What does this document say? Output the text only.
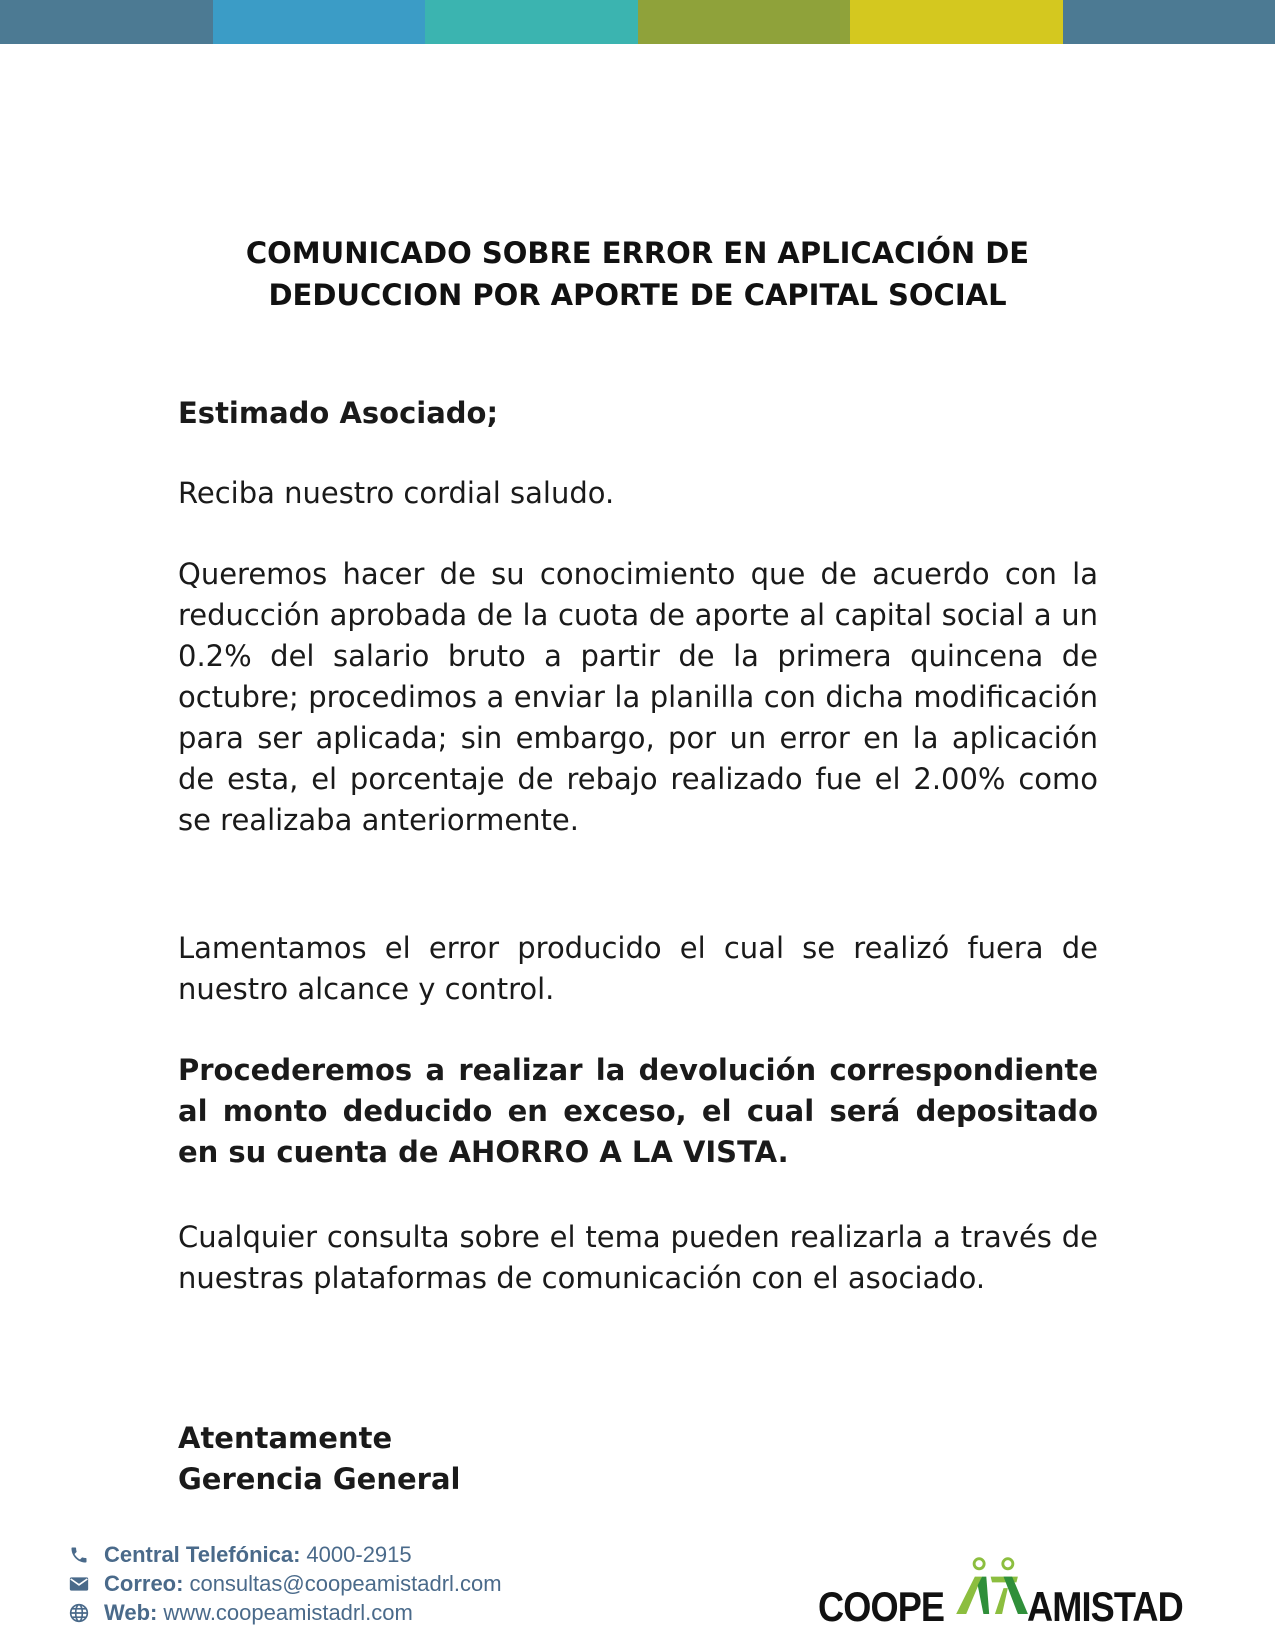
COMUNICADO SOBRE ERROR EN APLICACIÓN DE
DEDUCCION POR APORTE DE CAPITAL SOCIAL
Estimado Asociado;
Reciba nuestro cordial saludo.
Queremos hacer de su conocimiento que de acuerdo con la reducción aprobada de la cuota de aporte al capital social a un 0.2% del salario bruto a partir de la primera quincena de octubre; procedimos a enviar la planilla con dicha modificación para ser aplicada; sin embargo, por un error en la aplicación de esta, el porcentaje de rebajo realizado fue el 2.00% como se realizaba anteriormente.
Lamentamos el error producido el cual se realizó fuera de nuestro alcance y control.
Procederemos a realizar la devolución correspondiente al monto deducido en exceso, el cual será depositado en su cuenta de AHORRO A LA VISTA.
Cualquier consulta sobre el tema pueden realizarla a través de nuestras plataformas de comunicación con el asociado.
Atentamente
Gerencia General
Central Telefónica: 4000-2915
Correo: consultas@coopeamistadrl.com
Web: www.coopeamistadrl.com	COOPE AMISTAD
